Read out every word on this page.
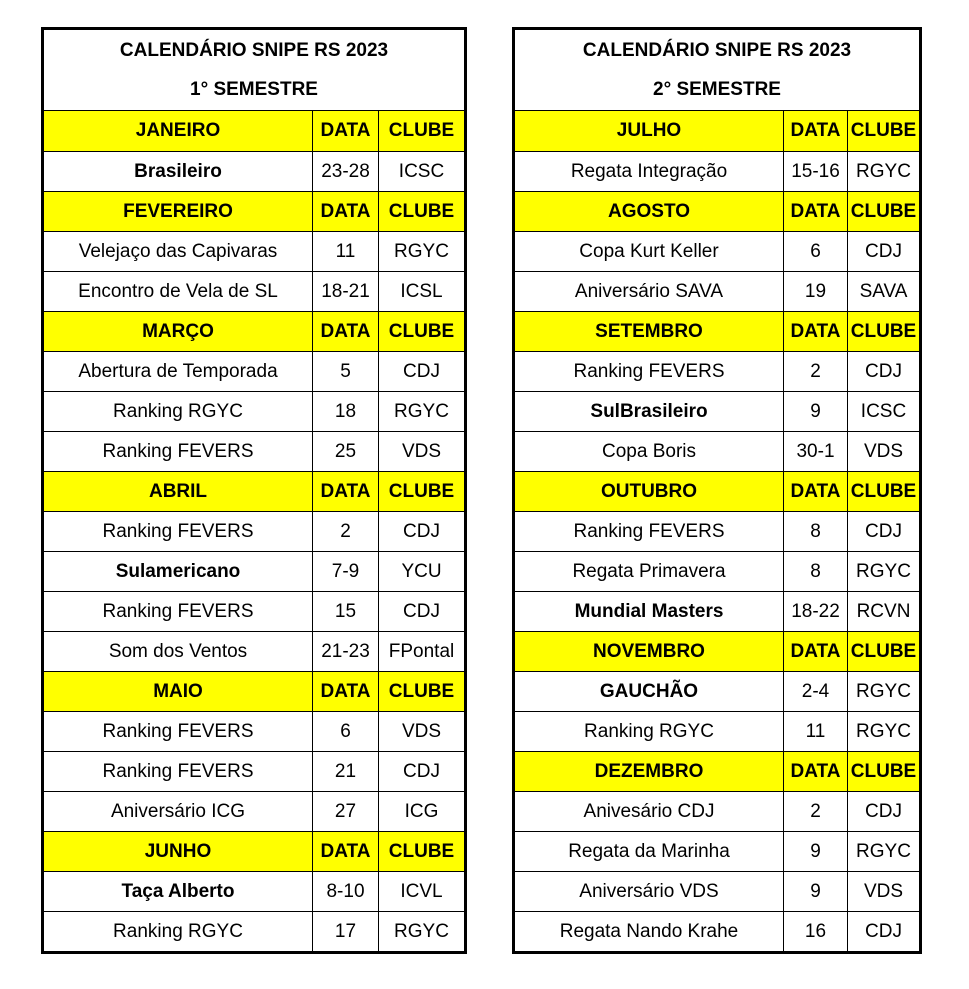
CALENDÁRIO SNIPE RS 2023
1° SEMESTRE
JANEIRO	DATA CLUBE
Brasileiro	23-28	ICSC
FEVEREIRO	DATA CLUBE
Velejaço das Capivaras	11	RGYC
Encontro de Vela de SL	18-21	ICSL
MARÇO	DATA CLUBE
Abertura de Temporada	5	CDJ
Ranking RGYC	18	RGYC
Ranking FEVERS	25	VDS
ABRIL	DATA CLUBE
Ranking FEVERS	2	CDJ
Sulamericano	7-9	YCU
Ranking FEVERS	15	CDJ
Som dos Ventos	21-23 FPontal
MAIO	DATA CLUBE
Ranking FEVERS	6	VDS
Ranking FEVERS	21	CDJ
Aniversário ICG	27	ICG
JUNHO	DATA CLUBE
Taça Alberto	8-10	ICVL
Ranking RGYC	17	RGYC
CALENDÁRIO SNIPE RS 2023
2° SEMESTRE
JULHO	DATA CLUBE
Regata Integração	15-16 RGYC
AGOSTO	DATA CLUBE
Copa Kurt Keller	6	CDJ
Aniversário SAVA	19	SAVA
SETEMBRO	DATA CLUBE
Ranking FEVERS	2	CDJ
SulBrasileiro	9	ICSC
Copa Boris	30-1	VDS
OUTUBRO	DATA CLUBE
Ranking FEVERS	8	CDJ
Regata Primavera	8	RGYC
Mundial Masters	18-22 RCVN
NOVEMBRO	DATA CLUBE
GAUCHÃO	2-4	RGYC
Ranking RGYC	11	RGYC
DEZEMBRO	DATA CLUBE
Anivesário CDJ	2	CDJ
Regata da Marinha	9	RGYC
Aniversário VDS	9	VDS
Regata Nando Krahe	16	CDJ
